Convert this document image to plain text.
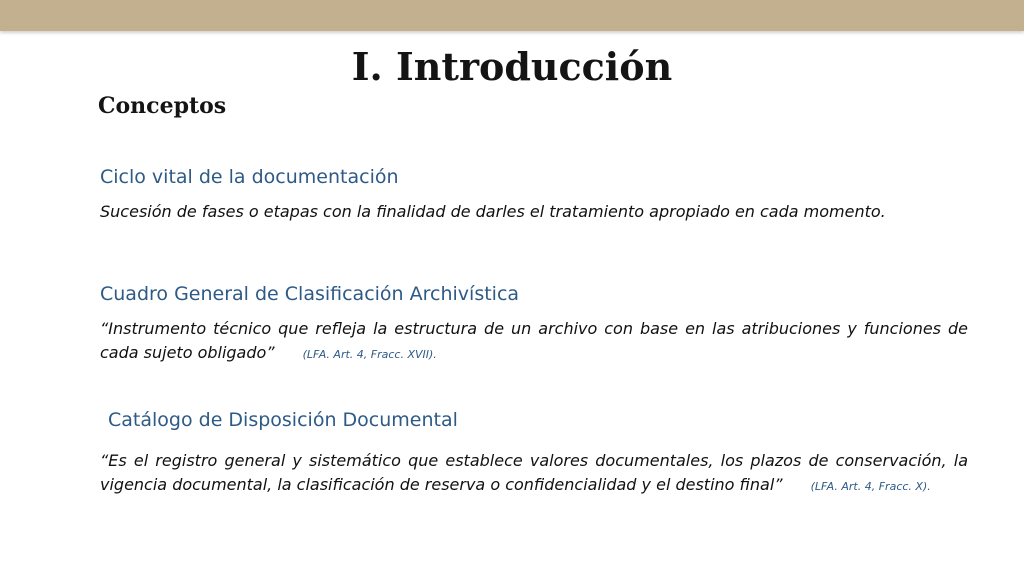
I. Introducción
Conceptos
Ciclo vital de la documentación

Sucesión de fases o etapas con la finalidad de darles el tratamiento apropiado en cada momento.

Cuadro General de Clasificación Archivística

“Instrumento técnico que refleja la estructura de un archivo con base en las atribuciones y funciones de cada sujeto obligado”	(LFA. Art. 4, Fracc. XVII).

Catálogo de Disposición Documental

“Es el registro general y sistemático que establece valores documentales, los plazos de conservación, la vigencia documental, la clasificación de reserva o confidencialidad y el destino final”	(LFA. Art. 4, Fracc. X).
